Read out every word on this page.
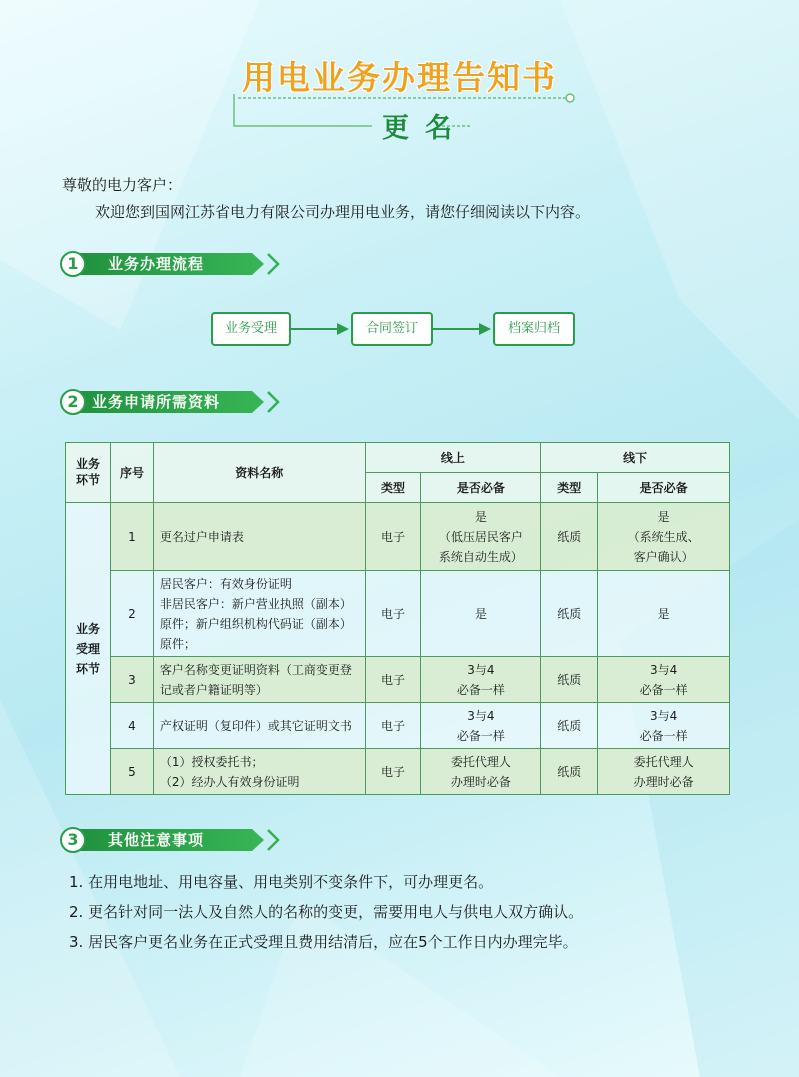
用电业务办理告知书
更名
尊敬的电力客户：
欢迎您到国网江苏省电力有限公司办理用电业务，请您仔细阅读以下内容。
1	业务办理流程
业务受理	合同签订	档案归档
2 业务申请所需资料
业务环节	序号	资料名称	线上		线下	
			类型	是否必备	类型	是否必备
业务受理环节	1	更名过户申请表	电子	是
（低压居民客户
系统自动生成）	纸质	是
（系统生成、
客户确认）
	2	居民客户：有效身份证明
非居民客户：新户营业执照（副本）原件；新户组织机构代码证（副本）原件；	电子	是	纸质	是
	3	客户名称变更证明资料（工商变更登记或者户籍证明等）	电子	3与4
必备一样	纸质	3与4
必备一样
	4	产权证明（复印件）或其它证明文书	电子	3与4
必备一样	纸质	3与4
必备一样
	5	（1）授权委托书；
（2）经办人有效身份证明	电子	委托代理人
办理时必备	纸质	委托代理人
办理时必备
3	其他注意事项
1. 在用电地址、用电容量、用电类别不变条件下，可办理更名。
2. 更名针对同一法人及自然人的名称的变更，需要用电人与供电人双方确认。
3. 居民客户更名业务在正式受理且费用结清后，应在5个工作日内办理完毕。
